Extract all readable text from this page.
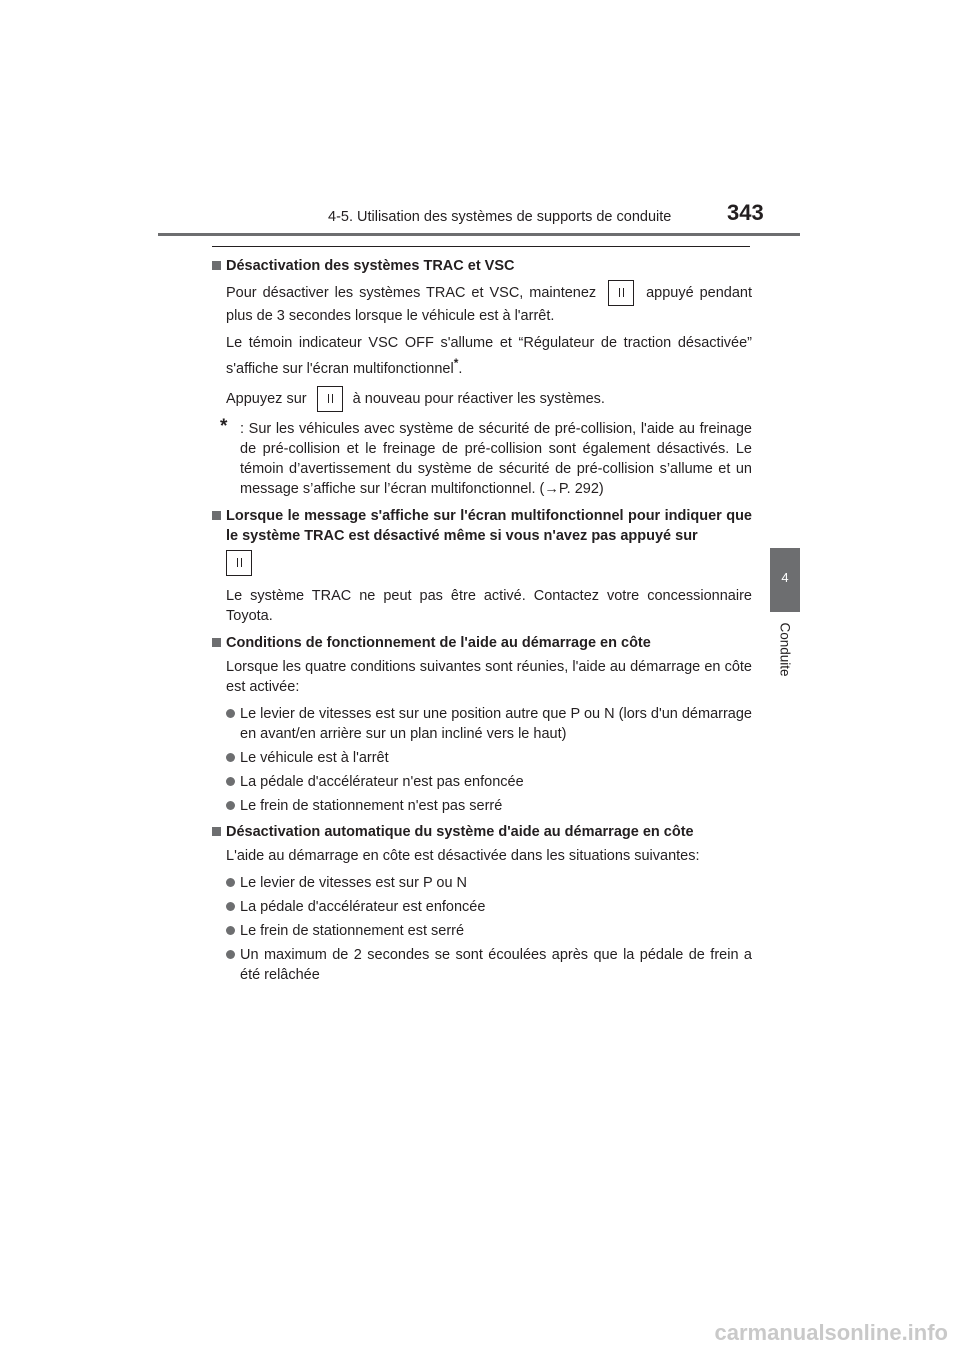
4-5. Utilisation des systèmes de supports de conduite	343
4
Conduite
Désactivation des systèmes TRAC et VSC

Pour désactiver les systèmes TRAC et VSC, maintenez	appuyé pendant plus de 3 secondes lorsque le véhicule est à l'arrêt.

Le témoin indicateur VSC OFF s'allume et “Régulateur de traction désactivée” s'affiche sur l'écran multifonctionnel*.

Appuyez sur	à nouveau pour réactiver les systèmes.

* : Sur les véhicules avec système de sécurité de pré-collision, l'aide au freinage de pré-collision et le freinage de pré-collision sont également désactivés. Le témoin d’avertissement du système de sécurité de pré-collision s’allume et un message s’affiche sur l’écran multifonctionnel. (→P. 292)

Lorsque le message s'affiche sur l'écran multifonctionnel pour indiquer que le système TRAC est désactivé même si vous n'avez pas appuyé sur

Le système TRAC ne peut pas être activé. Contactez votre concessionnaire Toyota.

Conditions de fonctionnement de l'aide au démarrage en côte

Lorsque les quatre conditions suivantes sont réunies, l'aide au démarrage en côte est activée:

Le levier de vitesses est sur une position autre que P ou N (lors d'un démarrage en avant/en arrière sur un plan incliné vers le haut)
Le véhicule est à l'arrêt
La pédale d'accélérateur n'est pas enfoncée
Le frein de stationnement n'est pas serré
Désactivation automatique du système d'aide au démarrage en côte

L'aide au démarrage en côte est désactivée dans les situations suivantes:

Le levier de vitesses est sur P ou N
La pédale d'accélérateur est enfoncée
Le frein de stationnement est serré
Un maximum de 2 secondes se sont écoulées après que la pédale de frein a été relâchée
carmanualsonline.info
